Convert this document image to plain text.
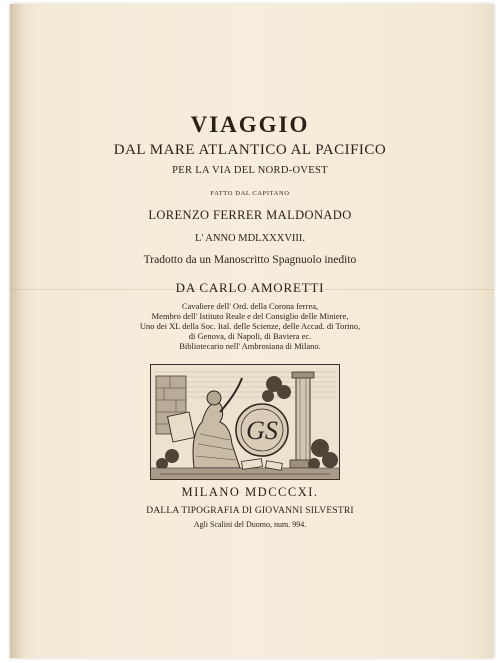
VIAGGIO
DAL MARE ATLANTICO AL PACIFICO
PER LA VIA DEL NORD-OVEST
FATTO DAL CAPITANO
LORENZO FERRER MALDONADO
L' ANNO MDLXXXVIII.
Tradotto da un Manoscritto Spagnuolo inedito
DA CARLO AMORETTI
Cavaliere dell' Ord. della Corona ferrea,
Membro dell' Istituto Reale e del Consiglio delle Miniere,
Uno dei XL della Soc. Ital. delle Scienze, delle Accad. di Torino,
di Genova, di Napoli, di Baviera ec.
Bibliotecario nell' Ambrosiana di Milano.
GS
MILANO MDCCCXI.
DALLA TIPOGRAFIA DI GIOVANNI SILVESTRI
Agli Scalini del Duomo, num. 994.
